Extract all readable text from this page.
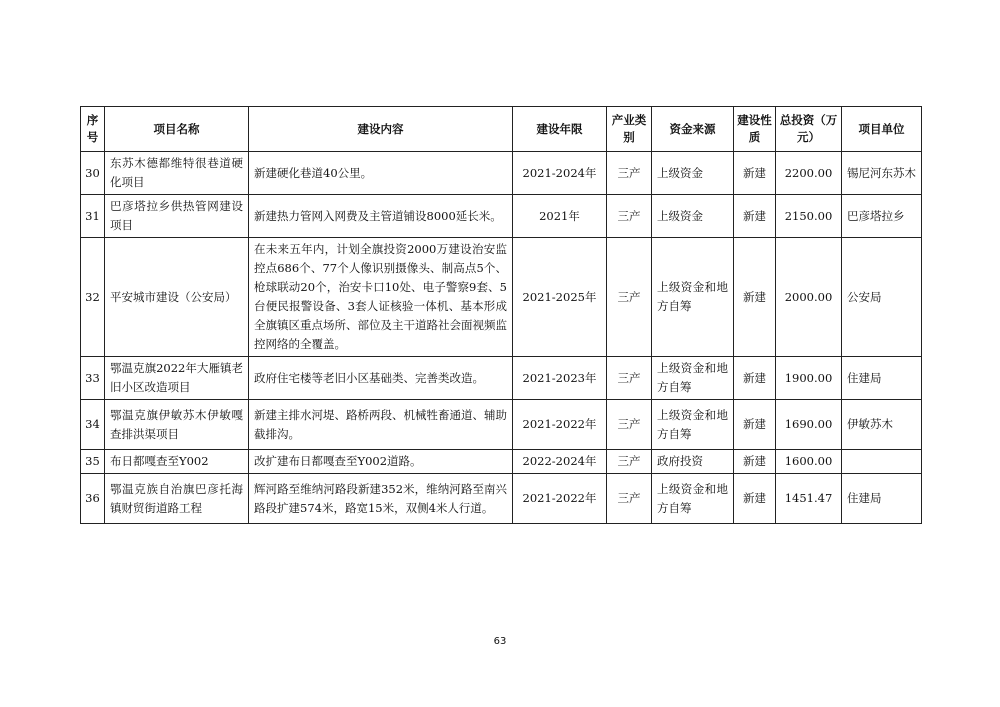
序号	项目名称	建设内容	建设年限	产业类别	资金来源	建设性质	总投资（万元）	项目单位
30	东苏木德都维特很巷道硬化项目	新建硬化巷道40公里。	2021-2024年	三产	上级资金	新建	2200.00	锡尼河东苏木
31	巴彦塔拉乡供热管网建设项目	新建热力管网入网费及主管道铺设8000延长米。	2021年	三产	上级资金	新建	2150.00	巴彦塔拉乡
32	平安城市建设（公安局）	在未来五年内，计划全旗投资2000万建设治安监控点686个、77个人像识别摄像头、制高点5个、枪球联动20个，治安卡口10处、电子警察9套、5台便民报警设备、3套人证核验一体机、基本形成全旗镇区重点场所、部位及主干道路社会面视频监控网络的全覆盖。	2021-2025年	三产	上级资金和地方自筹	新建	2000.00	公安局
33	鄂温克旗2022年大雁镇老旧小区改造项目	政府住宅楼等老旧小区基础类、完善类改造。	2021-2023年	三产	上级资金和地方自筹	新建	1900.00	住建局
34	鄂温克旗伊敏苏木伊敏嘎查排洪渠项目	新建主排水河堤、路桥两段、机械牲畜通道、辅助截排沟。	2021-2022年	三产	上级资金和地方自筹	新建	1690.00	伊敏苏木
35	布日都嘎查至Y002	改扩建布日都嘎查至Y002道路。	2022-2024年	三产	政府投资	新建	1600.00	
36	鄂温克族自治旗巴彦托海镇财贸街道路工程	辉河路至维纳河路段新建352米，维纳河路至南兴路段扩建574米，路宽15米，双侧4米人行道。	2021-2022年	三产	上级资金和地方自筹	新建	1451.47	住建局
63
